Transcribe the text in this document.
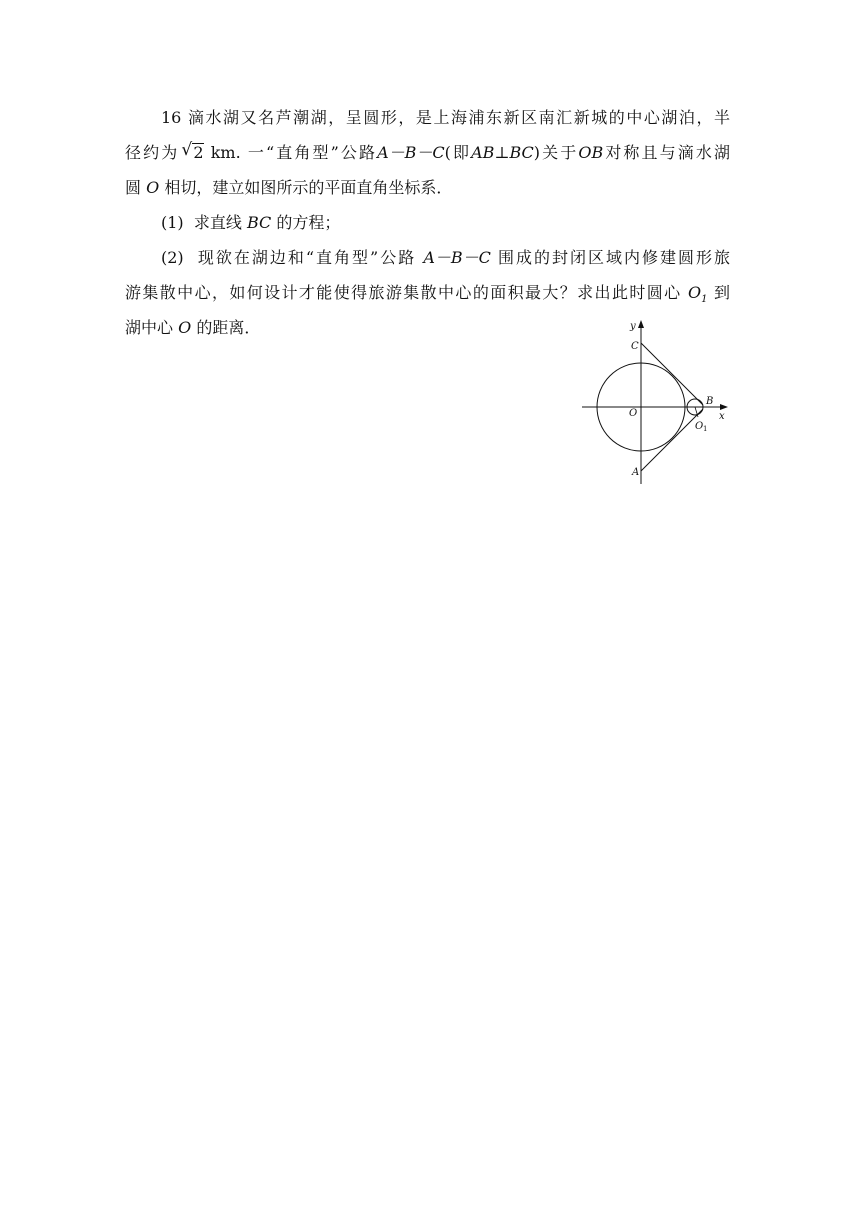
16 滴水湖又名芦潮湖，呈圆形，是上海浦东新区南汇新城的中心湖泊，半
径约为 √ 2 km. 一“直角型”公路A－B－C(即AB⊥BC)关于OB对称且与滴水湖
圆 O 相切，建立如图所示的平面直角坐标系．
(1) 求直线 BC 的方程；
(2) 现欲在湖边和“直角型”公路 A－B－C 围成的封闭区域内修建圆形旅
游集散中心，如何设计才能使得旅游集散中心的面积最大？求出此时圆心 $O_1$ 到
湖中心 O 的距离．	y
C
B
x
O
O 1
A
